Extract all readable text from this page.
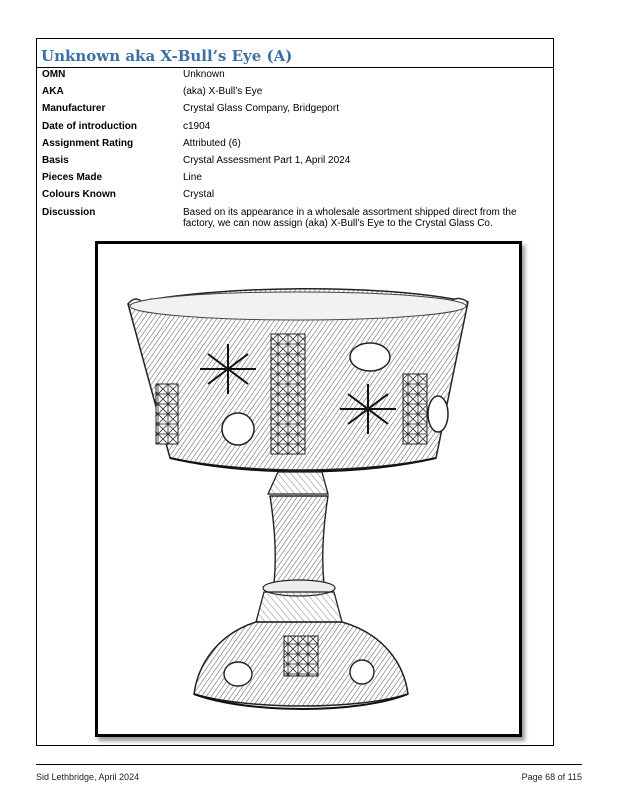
Unknown aka X-Bull’s Eye (A)
OMN	Unknown
AKA	(aka) X-Bull’s Eye
Manufacturer	Crystal Glass Company, Bridgeport
Date of introduction	c1904
Assignment Rating	Attributed (6)
Basis	Crystal Assessment Part 1, April 2024
Pieces Made	Line
Colours Known	Crystal
Discussion	Based on its appearance in a wholesale assortment shipped direct from the factory, we can now assign (aka) X-Bull’s Eye to the Crystal Glass Co.
Sid Lethbridge, April 2024	Page 68 of 115
